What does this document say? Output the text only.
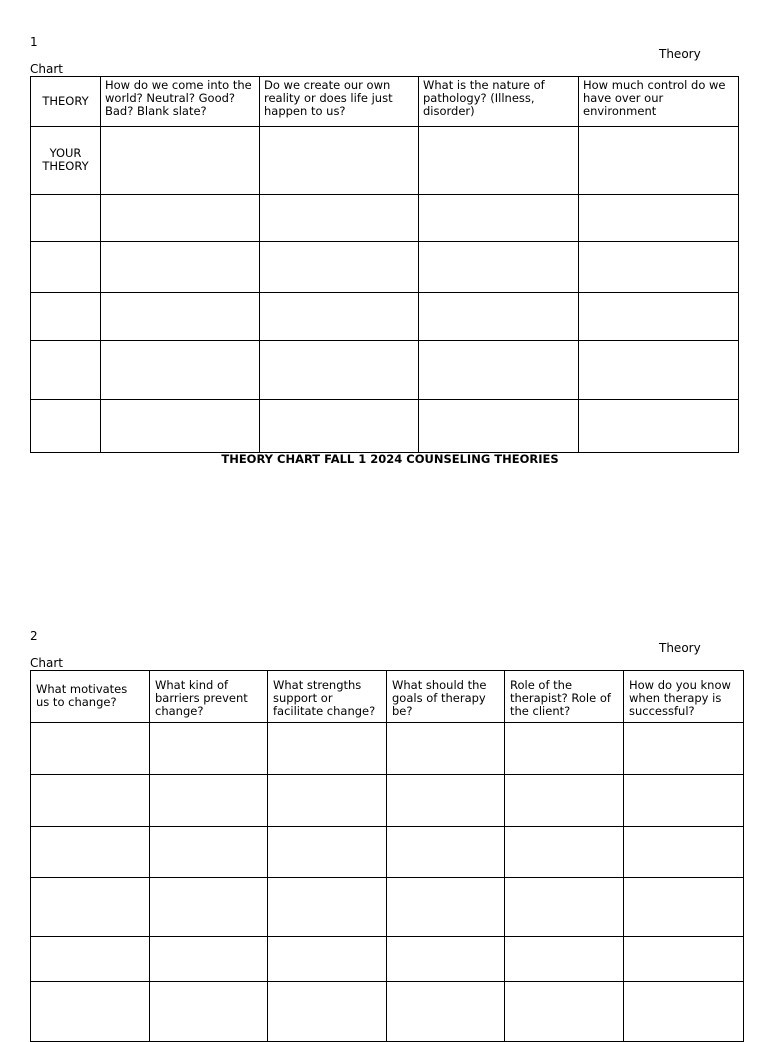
1
Theory
Chart
THEORY	How do we come into the world? Neutral? Good? Bad? Blank slate?	Do we create our own reality or does life just happen to us?	What is the nature of pathology? (Illness, disorder)	How much control do we have over our environment
YOUR THEORY				

THEORY CHART FALL 1 2024 COUNSELING THEORIES
2
Theory
Chart
What motivates us to change?	What kind of barriers prevent change?	What strengths support or facilitate change?	What should the goals of therapy be?	Role of the therapist? Role of the client?	How do you know when therapy is successful?
